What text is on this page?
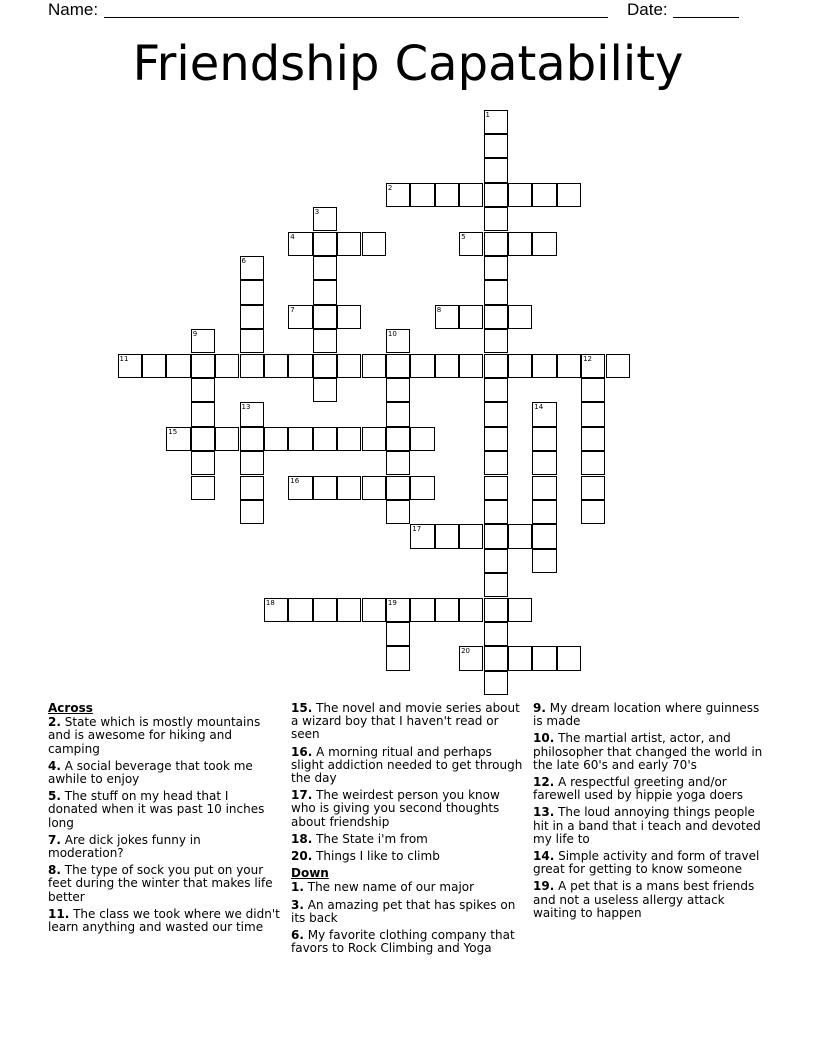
Name:	Date:
Friendship Capatability
1
2
3
4	5
6
7	8
9	10
11	12
13	14
15
16
17
18	19
20

Across

2. State which is mostly mountains and is awesome for hiking and camping

4. A social beverage that took me awhile to enjoy

5. The stuff on my head that I donated when it was past 10 inches long

7. Are dick jokes funny in moderation?

8. The type of sock you put on your feet during the winter that makes life better

11. The class we took where we didn't learn anything and wasted our time

15. The novel and movie series about a wizard boy that I haven't read or seen

16. A morning ritual and perhaps slight addiction needed to get through the day

17. The weirdest person you know who is giving you second thoughts about friendship

18. The State i'm from

20. Things I like to climb

Down

1. The new name of our major

3. An amazing pet that has spikes on its back

6. My favorite clothing company that favors to Rock Climbing and Yoga

9. My dream location where guinness is made

10. The martial artist, actor, and philosopher that changed the world in the late 60's and early 70's

12. A respectful greeting and/or farewell used by hippie yoga doers

13. The loud annoying things people hit in a band that i teach and devoted my life to

14. Simple activity and form of travel great for getting to know someone

19. A pet that is a mans best friends and not a useless allergy attack waiting to happen
